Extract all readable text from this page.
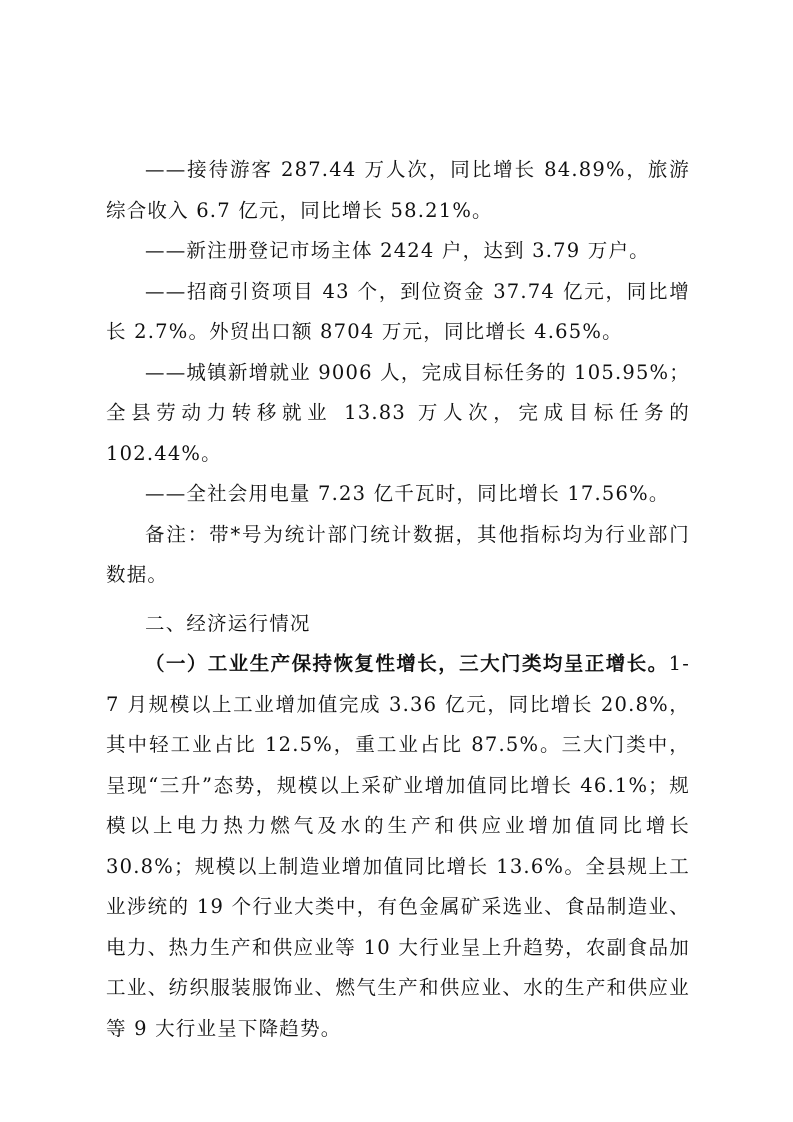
——接待游客 287.44 万人次，同比增长 84.89%，旅游综合收入 6.7 亿元，同比增长 58.21%。

——新注册登记市场主体 2424 户，达到 3.79 万户。

——招商引资项目 43 个，到位资金 37.74 亿元，同比增长 2.7%。外贸出口额 8704 万元，同比增长 4.65%。

——城镇新增就业 9006 人，完成目标任务的 105.95%；全县劳动力转移就业 13.83 万人次，完成目标任务的 102.44%。

——全社会用电量 7.23 亿千瓦时，同比增长 17.56%。

备注：带*号为统计部门统计数据，其他指标均为行业部门数据。

二、经济运行情况

（一）工业生产保持恢复性增长，三大门类均呈正增长。1-7 月规模以上工业增加值完成 3.36 亿元，同比增长 20.8%，其中轻工业占比 12.5%，重工业占比 87.5%。三大门类中，呈现“三升”态势，规模以上采矿业增加值同比增长 46.1%；规模以上电力热力燃气及水的生产和供应业增加值同比增长 30.8%；规模以上制造业增加值同比增长 13.6%。全县规上工业涉统的 19 个行业大类中，有色金属矿采选业、食品制造业、电力、热力生产和供应业等 10 大行业呈上升趋势，农副食品加工业、纺织服装服饰业、燃气生产和供应业、水的生产和供应业等 9 大行业呈下降趋势。
